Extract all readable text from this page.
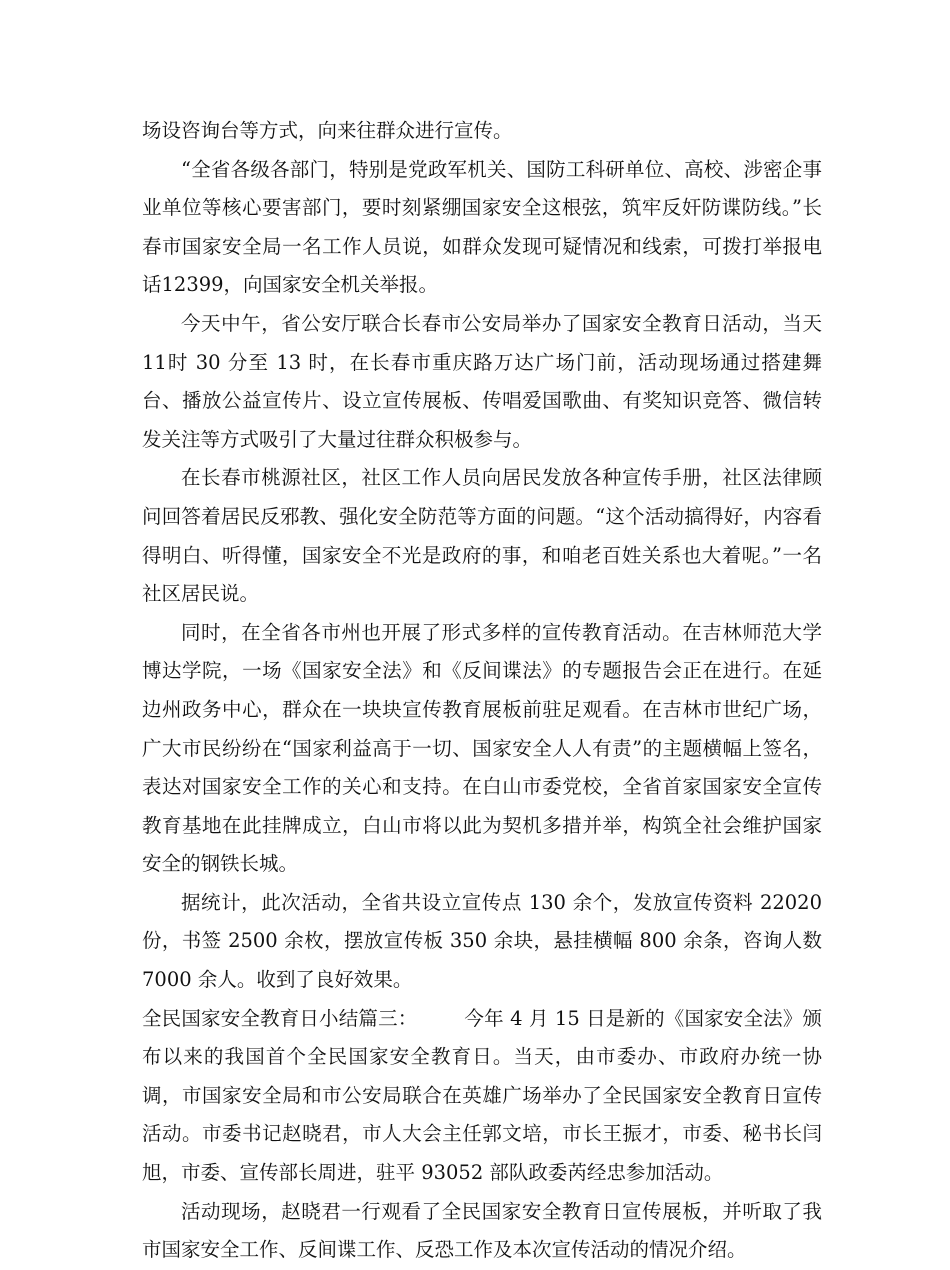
场设咨询台等方式，向来往群众进行宣传。

“全省各级各部门，特别是党政军机关、国防工科研单位、高校、涉密企事业单位等核心要害部门，要时刻紧绷国家安全这根弦，筑牢反奸防谍防线。”长春市国家安全局一名工作人员说，如群众发现可疑情况和线索，可拨打举报电话12399，向国家安全机关举报。

今天中午，省公安厅联合长春市公安局举办了国家安全教育日活动，当天 11时 30 分至 13 时，在长春市重庆路万达广场门前，活动现场通过搭建舞台、播放公益宣传片、设立宣传展板、传唱爱国歌曲、有奖知识竞答、微信转发关注等方式吸引了大量过往群众积极参与。

在长春市桃源社区，社区工作人员向居民发放各种宣传手册，社区法律顾问回答着居民反邪教、强化安全防范等方面的问题。“这个活动搞得好，内容看得明白、听得懂，国家安全不光是政府的事，和咱老百姓关系也大着呢。”一名社区居民说。

同时，在全省各市州也开展了形式多样的宣传教育活动。在吉林师范大学博达学院，一场《国家安全法》和《反间谍法》的专题报告会正在进行。在延边州政务中心，群众在一块块宣传教育展板前驻足观看。在吉林市世纪广场，广大市民纷纷在“国家利益高于一切、国家安全人人有责”的主题横幅上签名，表达对国家安全工作的关心和支持。在白山市委党校，全省首家国家安全宣传教育基地在此挂牌成立，白山市将以此为契机多措并举，构筑全社会维护国家安全的钢铁长城。

据统计，此次活动，全省共设立宣传点 130 余个，发放宣传资料 22020 份，书签 2500 余枚，摆放宣传板 350 余块，悬挂横幅 800 余条，咨询人数 7000 余人。收到了良好效果。

全民国家安全教育日小结篇三： 今年 4 月 15 日是新的《国家安全法》颁布以来的我国首个全民国家安全教育日。当天，由市委办、市政府办统一协调，市国家安全局和市公安局联合在英雄广场举办了全民国家安全教育日宣传活动。市委书记赵晓君，市人大会主任郭文培，市长王振才，市委、秘书长闫旭，市委、宣传部长周进，驻平 93052 部队政委芮经忠参加活动。

活动现场，赵晓君一行观看了全民国家安全教育日宣传展板，并听取了我市国家安全工作、反间谍工作、反恐工作及本次宣传活动的情况介绍。
